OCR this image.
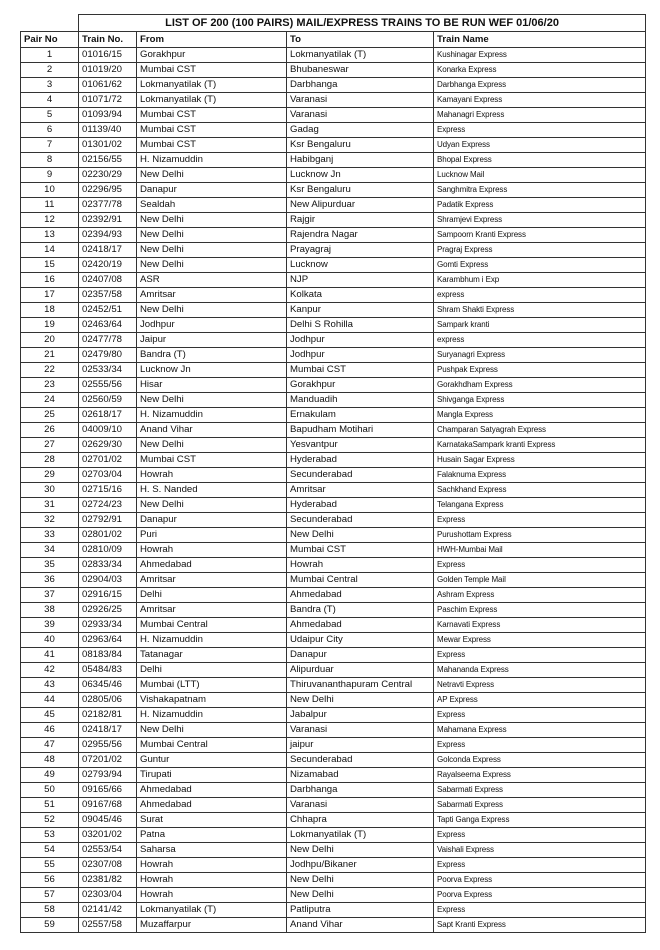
	LIST OF 200 (100 PAIRS) MAIL/EXPRESS TRAINS TO BE RUN WEF 01/06/20			
Pair No	Train No.	From	To	Train Name
1	01016/15	Gorakhpur	Lokmanyatilak (T)	Kushinagar Express
2	01019/20	Mumbai CST	Bhubaneswar	Konarka Express
3	01061/62	Lokmanyatilak (T)	Darbhanga	Darbhanga Express
4	01071/72	Lokmanyatilak (T)	Varanasi	Kamayani Express
5	01093/94	Mumbai CST	Varanasi	Mahanagri Express
6	01139/40	Mumbai CST	Gadag	Express
7	01301/02	Mumbai CST	Ksr Bengaluru	Udyan Express
8	02156/55	H. Nizamuddin	Habibganj	Bhopal Express
9	02230/29	New Delhi	Lucknow Jn	Lucknow Mail
10	02296/95	Danapur	Ksr Bengaluru	Sanghmitra Express
11	02377/78	Sealdah	New Alipurduar	Padatik Express
12	02392/91	New Delhi	Rajgir	Shramjevi Express
13	02394/93	New Delhi	Rajendra Nagar	Sampoorn Kranti Express
14	02418/17	New Delhi	Prayagraj	Pragraj Express
15	02420/19	New Delhi	Lucknow	Gomti Express
16	02407/08	ASR	NJP	Karambhum i Exp
17	02357/58	Amritsar	Kolkata	express
18	02452/51	New Delhi	Kanpur	Shram Shakti Express
19	02463/64	Jodhpur	Delhi S Rohilla	Sampark kranti
20	02477/78	Jaipur	Jodhpur	express
21	02479/80	Bandra (T)	Jodhpur	Suryanagri Express
22	02533/34	Lucknow Jn	Mumbai CST	Pushpak Express
23	02555/56	Hisar	Gorakhpur	Gorakhdham Express
24	02560/59	New Delhi	Manduadih	Shivganga Express
25	02618/17	H. Nizamuddin	Ernakulam	Mangla Express
26	04009/10	Anand Vihar	Bapudham Motihari	Champaran Satyagrah Express
27	02629/30	New Delhi	Yesvantpur	KarnatakaSampark kranti Express
28	02701/02	Mumbai CST	Hyderabad	Husain Sagar Express
29	02703/04	Howrah	Secunderabad	Falaknuma Express
30	02715/16	H. S. Nanded	Amritsar	Sachkhand Express
31	02724/23	New Delhi	Hyderabad	Telangana Express
32	02792/91	Danapur	Secunderabad	Express
33	02801/02	Puri	New Delhi	Purushottam Express
34	02810/09	Howrah	Mumbai CST	HWH-Mumbai Mail
35	02833/34	Ahmedabad	Howrah	Express
36	02904/03	Amritsar	Mumbai Central	Golden Temple Mail
37	02916/15	Delhi	Ahmedabad	Ashram Express
38	02926/25	Amritsar	Bandra (T)	Paschim Express
39	02933/34	Mumbai Central	Ahmedabad	Karnavati Express
40	02963/64	H. Nizamuddin	Udaipur City	Mewar Express
41	08183/84	Tatanagar	Danapur	Express
42	05484/83	Delhi	Alipurduar	Mahananda Express
43	06345/46	Mumbai (LTT)	Thiruvananthapuram Central	Netravti Express
44	02805/06	Vishakapatnam	New Delhi	AP Express
45	02182/81	H. Nizamuddin	Jabalpur	Express
46	02418/17	New Delhi	Varanasi	Mahamana Express
47	02955/56	Mumbai Central	jaipur	Express
48	07201/02	Guntur	Secunderabad	Golconda Express
49	02793/94	Tirupati	Nizamabad	Rayalseema Express
50	09165/66	Ahmedabad	Darbhanga	Sabarmati Express
51	09167/68	Ahmedabad	Varanasi	Sabarmati Express
52	09045/46	Surat	Chhapra	Tapti Ganga Express
53	03201/02	Patna	Lokmanyatilak (T)	Express
54	02553/54	Saharsa	New Delhi	Vaishali Express
55	02307/08	Howrah	Jodhpu/Bikaner	Express
56	02381/82	Howrah	New Delhi	Poorva Express
57	02303/04	Howrah	New Delhi	Poorva Express
58	02141/42	Lokmanyatilak (T)	Patliputra	Express
59	02557/58	Muzaffarpur	Anand Vihar	Sapt Kranti Express
